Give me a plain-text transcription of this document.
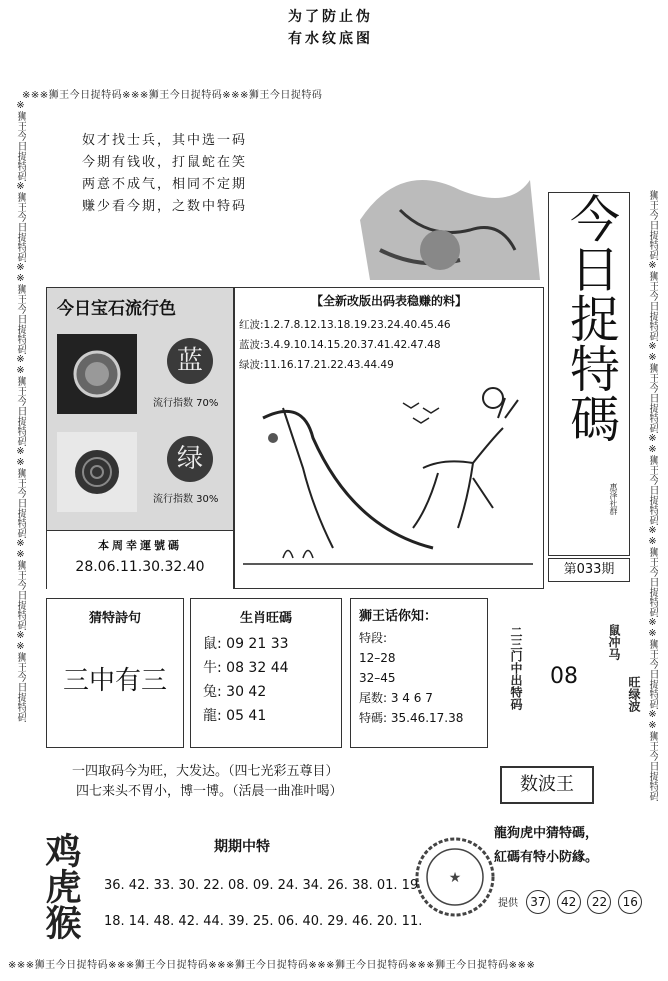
为了防止伪
有水纹底图
※※※狮王今日捉特码※※※狮王今日捉特码※※※狮王今日捉特码
※※※狮王今日捉特码※※※狮王今日捉特码※※※狮王今日捉特码※※※狮王今日捉特码※※※狮王今日捉特码※※※
※狮王今日捉特码※狮王今日捉特码※※狮王今日捉特码※※狮王今日捉特码※※狮王今日捉特码※※狮王今日捉特码※※狮王今日捉特码	狮王今日捉特码※狮王今日捉特码※※狮王今日捉特码※※狮王今日捉特码※※狮王今日捉特码※※狮王今日捉特码※※狮王今日捉特码
奴才找士兵，其中选一码
今期有钱收，打鼠蛇在笑
两意不成气，相同不定期
赚少看今期，之数中特码	今日捉特碼
惠泽社群
第033期
今日宝石流行色
蓝
流行指数 70%
绿
流行指数 30%
本周幸運號碼
28.06.11.30.32.40
【全新改版出码表稳赚的料】
红波:1.2.7.8.12.13.18.19.23.24.40.45.46
蓝波:3.4.9.10.14.15.20.37.41.42.47.48
绿波:11.16.17.21.22.43.44.49
猜特詩句
三中有三
生肖旺碼
鼠: 09 21 33
牛: 08 32 44
兔: 30 42
龍: 05 41
狮王话你知：
特段:
12–28
32–45
尾数: 3 4 6 7
特碼: 35.46.17.38
二三门中出特码 08
鼠冲马
旺绿波
一四取码今为旺，大发达。（四七光彩五尊目）
四七来头不胃小，博一博。（活晨一曲准叶喝）	数波王
龍狗虎中猜特碼，
紅碼有特小防緣。
提供 37 42 22 16
★
鸡虎猴	期期中特
36. 42. 33. 30. 22. 08. 09. 24. 34. 26. 38. 01. 19
18. 14. 48. 42. 44. 39. 25. 06. 40. 29. 46. 20. 11.
